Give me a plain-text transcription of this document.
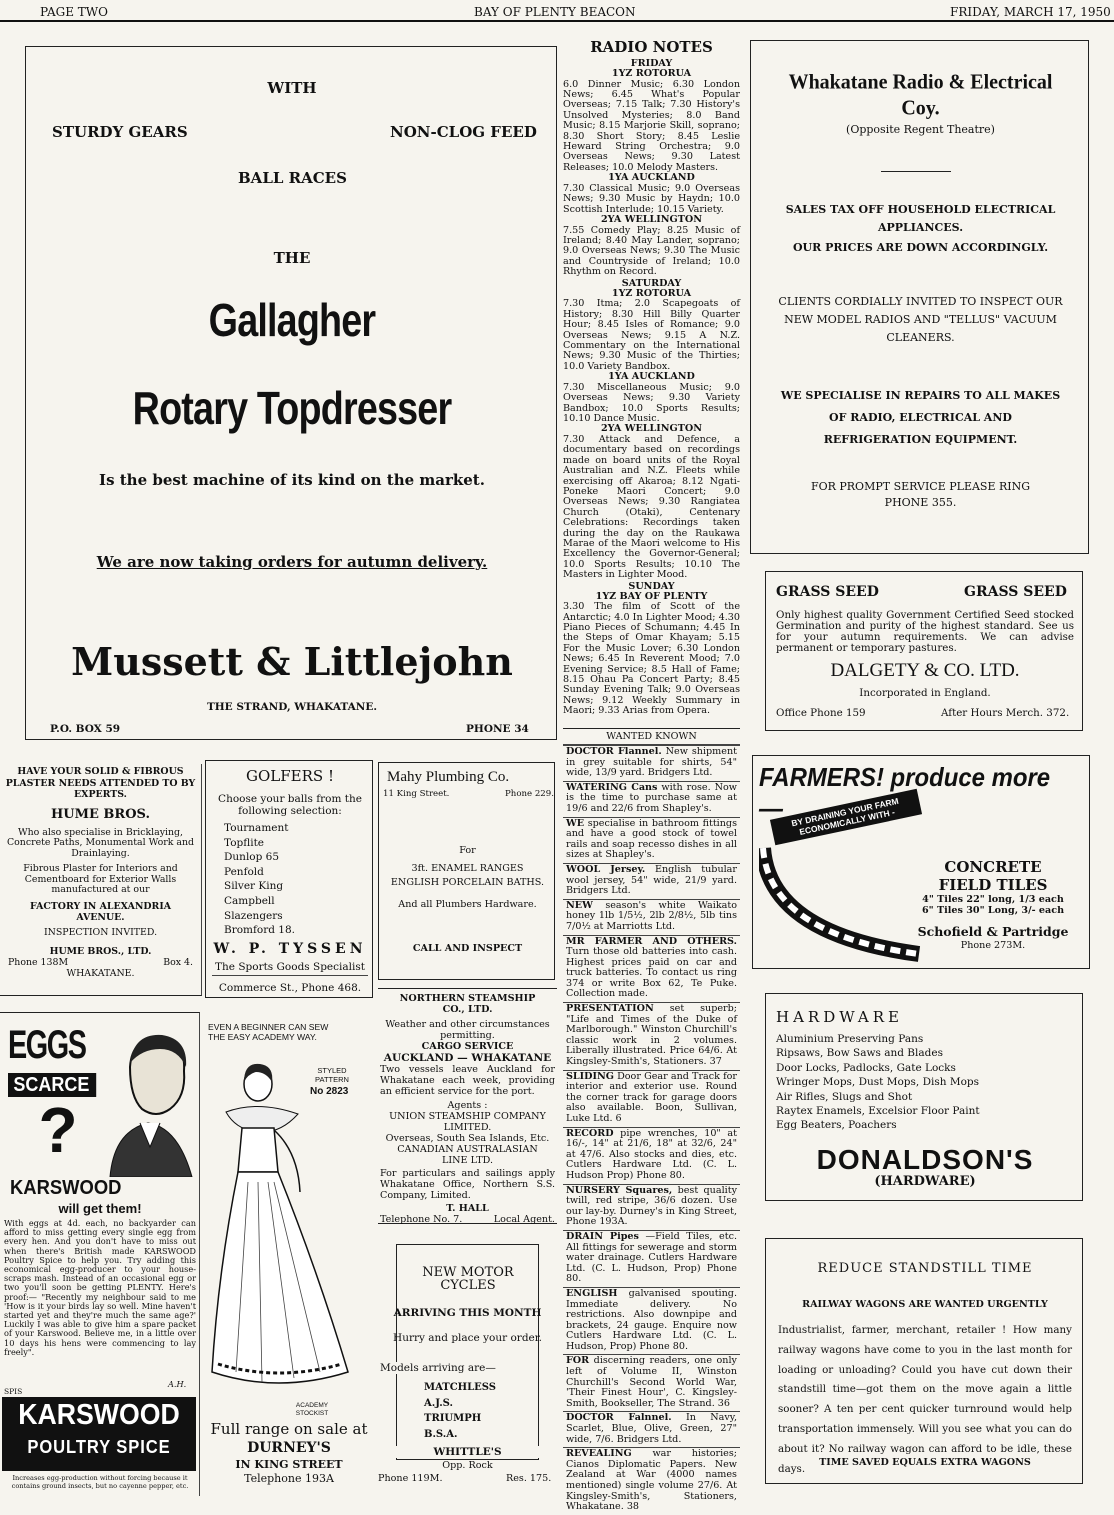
PAGE TWO	BAY OF PLENTY BEACON	FRIDAY, MARCH 17, 1950
WITH
STURDY GEARS	NON-CLOG FEED
BALL RACES
THE
Gallagher
Rotary Topdresser
Is the best machine of its kind on the market.
We are now taking orders for autumn delivery.
Mussett & Littlejohn
THE STRAND, WHAKATANE.
P.O. BOX 59	PHONE 34
RADIO NOTES
FRIDAY
1YZ ROTORUA
6.0 Dinner Music; 6.30 London News; 6.45 What's Popular Overseas; 7.15 Talk; 7.30 History's Unsolved Mysteries; 8.0 Band Music; 8.15 Marjorie Skill, soprano; 8.30 Short Story; 8.45 Leslie Heward String Orchestra; 9.0 Overseas News; 9.30 Latest Releases; 10.0 Melody Masters.
1YA AUCKLAND
7.30 Classical Music; 9.0 Overseas News; 9.30 Music by Haydn; 10.0 Scottish Interlude; 10.15 Variety.
2YA WELLINGTON
7.55 Comedy Play; 8.25 Music of Ireland; 8.40 May Lander, soprano; 9.0 Overseas News; 9.30 The Music and Countryside of Ireland; 10.0 Rhythm on Record.
SATURDAY
1YZ ROTORUA
7.30 Itma; 2.0 Scapegoats of History; 8.30 Hill Billy Quarter Hour; 8.45 Isles of Romance; 9.0 Overseas News; 9.15 A N.Z. Commentary on the International News; 9.30 Music of the Thirties; 10.0 Variety Bandbox.
1YA AUCKLAND
7.30 Miscellaneous Music; 9.0 Overseas News; 9.30 Variety Bandbox; 10.0 Sports Results; 10.10 Dance Music.
2YA WELLINGTON
7.30 Attack and Defence, a documentary based on recordings made on board units of the Royal Australian and N.Z. Fleets while exercising off Akaroa; 8.12 Ngati-Poneke Maori Concert; 9.0 Overseas News; 9.30 Rangiatea Church (Otaki), Centenary Celebrations: Recordings taken during the day on the Raukawa Marae of the Maori welcome to His Excellency the Governor-General; 10.0 Sports Results; 10.10 The Masters in Lighter Mood.
SUNDAY
1YZ BAY OF PLENTY
3.30 The film of Scott of the Antarctic; 4.0 In Lighter Mood; 4.30 Piano Pieces of Schumann; 4.45 In the Steps of Omar Khayam; 5.15 For the Music Lover; 6.30 London News; 6.45 In Reverent Mood; 7.0 Evening Service; 8.5 Hall of Fame; 8.15 Ohau Pa Concert Party; 8.45 Sunday Evening Talk; 9.0 Overseas News; 9.12 Weekly Summary in Maori; 9.33 Arias from Opera.
WANTED KNOWN
DOCTOR Flannel. New shipment in grey suitable for shirts, 54" wide, 13/9 yard. Bridgers Ltd.
WATERING Cans with rose. Now is the time to purchase same at 19/6 and 22/6 from Shapley's.
WE specialise in bathroom fittings and have a good stock of towel rails and soap recesso dishes in all sizes at Shapley's.
WOOL Jersey. English tubular wool jersey, 54" wide, 21/9 yard. Bridgers Ltd.
NEW season's white Waikato honey 1lb 1/5½, 2lb 2/8½, 5lb tins 7/0½ at Marriotts Ltd.
MR FARMER AND OTHERS. Turn those old batteries into cash. Highest prices paid on car and truck batteries. To contact us ring 374 or write Box 62, Te Puke. Collection made.
PRESENTATION set superb; "Life and Times of the Duke of Marlborough." Winston Churchill's classic work in 2 volumes. Liberally illustrated. Price 64/6. At Kingsley-Smith's, Stationers. 37
SLIDING Door Gear and Track for interior and exterior use. Round the corner track for garage doors also available. Boon, Sullivan, Luke Ltd. 6
RECORD pipe wrenches, 10" at 16/-, 14" at 21/6, 18" at 32/6, 24" at 47/6. Also stocks and dies, etc. Cutlers Hardware Ltd. (C. L. Hudson Prop) Phone 80.
NURSERY Squares, best quality twill, red stripe, 36/6 dozen. Use our lay-by. Durney's in King Street, Phone 193A.
DRAIN Pipes —Field Tiles, etc. All fittings for sewerage and storm water drainage. Cutlers Hardware Ltd. (C. L. Hudson, Prop) Phone 80.
ENGLISH galvanised spouting. Immediate delivery. No restrictions. Also downpipe and brackets, 24 gauge. Enquire now Cutlers Hardware Ltd. (C. L. Hudson, Prop) Phone 80.
FOR discerning readers, one only left of Volume II, Winston Churchill's Second World War, 'Their Finest Hour', C. Kingsley-Smith, Bookseller, The Strand. 36
DOCTOR Falnnel. In Navy, Scarlet, Blue, Olive, Green, 27" wide, 7/6. Bridgers Ltd.
REVEALING war histories; Cianos Diplomatic Papers. New Zealand at War (4000 names mentioned) single volume 27/6. At Kingsley-Smith's, Stationers, Whakatane. 38
Whakatane Radio & Electrical Coy.
(Opposite Regent Theatre)
SALES TAX OFF HOUSEHOLD ELECTRICAL APPLIANCES.
OUR PRICES ARE DOWN ACCORDINGLY.
CLIENTS CORDIALLY INVITED TO INSPECT OUR NEW MODEL RADIOS AND "TELLUS" VACUUM CLEANERS.
WE SPECIALISE IN REPAIRS TO ALL MAKES OF RADIO, ELECTRICAL AND REFRIGERATION EQUIPMENT.
FOR PROMPT SERVICE PLEASE RING PHONE 355.
GRASS SEED	GRASS SEED
Only highest quality Government Certified Seed stocked Germination and purity of the highest standard. See us for your autumn requirements. We can advise permanent or temporary pastures.
DALGETY & CO. LTD.
Incorporated in England.
Office Phone 159	After Hours Merch. 372.
HAVE YOUR SOLID & FIBROUS PLASTER NEEDS ATTENDED TO BY EXPERTS.
HUME BROS.
Who also specialise in Bricklaying, Concrete Paths, Monumental Work and Drainlaying.
Fibrous Plaster for Interiors and Cementboard for Exterior Walls manufactured at our
FACTORY IN ALEXANDRIA AVENUE.
INSPECTION INVITED.
HUME BROS., LTD.
Phone 138M	Box 4.
WHAKATANE.
GOLFERS !
Choose your balls from the following selection:
Tournament
Topflite
Dunlop 65
Penfold
Silver King
Campbell
Slazengers
Bromford 18.
W. P. TYSSEN
The Sports Goods Specialist
Commerce St., Phone 468.
Mahy Plumbing Co.
11 King Street.	Phone 229.
For
3ft. ENAMEL RANGES
ENGLISH PORCELAIN BATHS.
And all Plumbers Hardware.
CALL AND INSPECT
NORTHERN STEAMSHIP CO., LTD.
Weather and other circumstances permitting.
CARGO SERVICE
AUCKLAND — WHAKATANE
Two vessels leave Auckland for Whakatane each week, providing an efficient service for the port.
Agents :
UNION STEAMSHIP COMPANY LIMITED.
Overseas, South Sea Islands, Etc.
CANADIAN AUSTRALASIAN LINE LTD.
For particulars and sailings apply Whakatane Office, Northern S.S. Company, Limited.
T. HALL
Telephone No. 7.	Local Agent.
NEW MOTOR CYCLES
ARRIVING THIS MONTH
Hurry and place your order.
Models arriving are—
MATCHLESS
A.J.S.
TRIUMPH
B.S.A.
WHITTLE'S
Opp. Rock
Phone 119M.	Res. 175.
EGGS
SCARCE
?
KARSWOOD
will get them!
With eggs at 4d. each, no backyarder can afford to miss getting every single egg from every hen. And you don't have to miss out when there's British made KARSWOOD Poultry Spice to help you. Try adding this economical egg-producer to your house-scraps mash. Instead of an occasional egg or two you'll soon be getting PLENTY. Here's proof:— "Recently my neighbour said to me 'How is it your birds lay so well. Mine haven't started yet and they're much the same age?' Luckily I was able to give him a spare packet of your Karswood. Believe me, in a little over 10 days his hens were commencing to lay freely".
A.H.
SPIS
KARSWOOD
POULTRY SPICE
Increases egg-production without forcing because it contains ground insects, but no cayenne pepper, etc.
EVEN A BEGINNER CAN SEW
THE EASY ACADEMY WAY.
STYLED PATTERN
No 2823
ACADEMY STOCKIST
Full range on sale at
DURNEY'S
IN KING STREET
Telephone 193A
FARMERS! produce more — BY DRAINING YOUR FARM ECONOMICALLY WITH -
CONCRETE
FIELD TILES
4" Tiles 22" long, 1/3 each
6" Tiles 30" Long, 3/- each
Schofield & Partridge
Phone 273M.
HARDWARE
Aluminium Preserving Pans
Ripsaws, Bow Saws and Blades
Door Locks, Padlocks, Gate Locks
Wringer Mops, Dust Mops, Dish Mops
Air Rifles, Slugs and Shot
Raytex Enamels, Excelsior Floor Paint
Egg Beaters, Poachers
DONALDSON'S
(HARDWARE)
REDUCE STANDSTILL TIME
RAILWAY WAGONS ARE WANTED URGENTLY
Industrialist, farmer, merchant, retailer ! How many railway wagons have come to you in the last month for loading or unloading? Could you have cut down their standstill time—got them on the move again a little sooner? A ten per cent quicker turnround would help transportation immensely. Will you see what you can do about it? No railway wagon can afford to be idle, these days.
TIME SAVED EQUALS EXTRA WAGONS
